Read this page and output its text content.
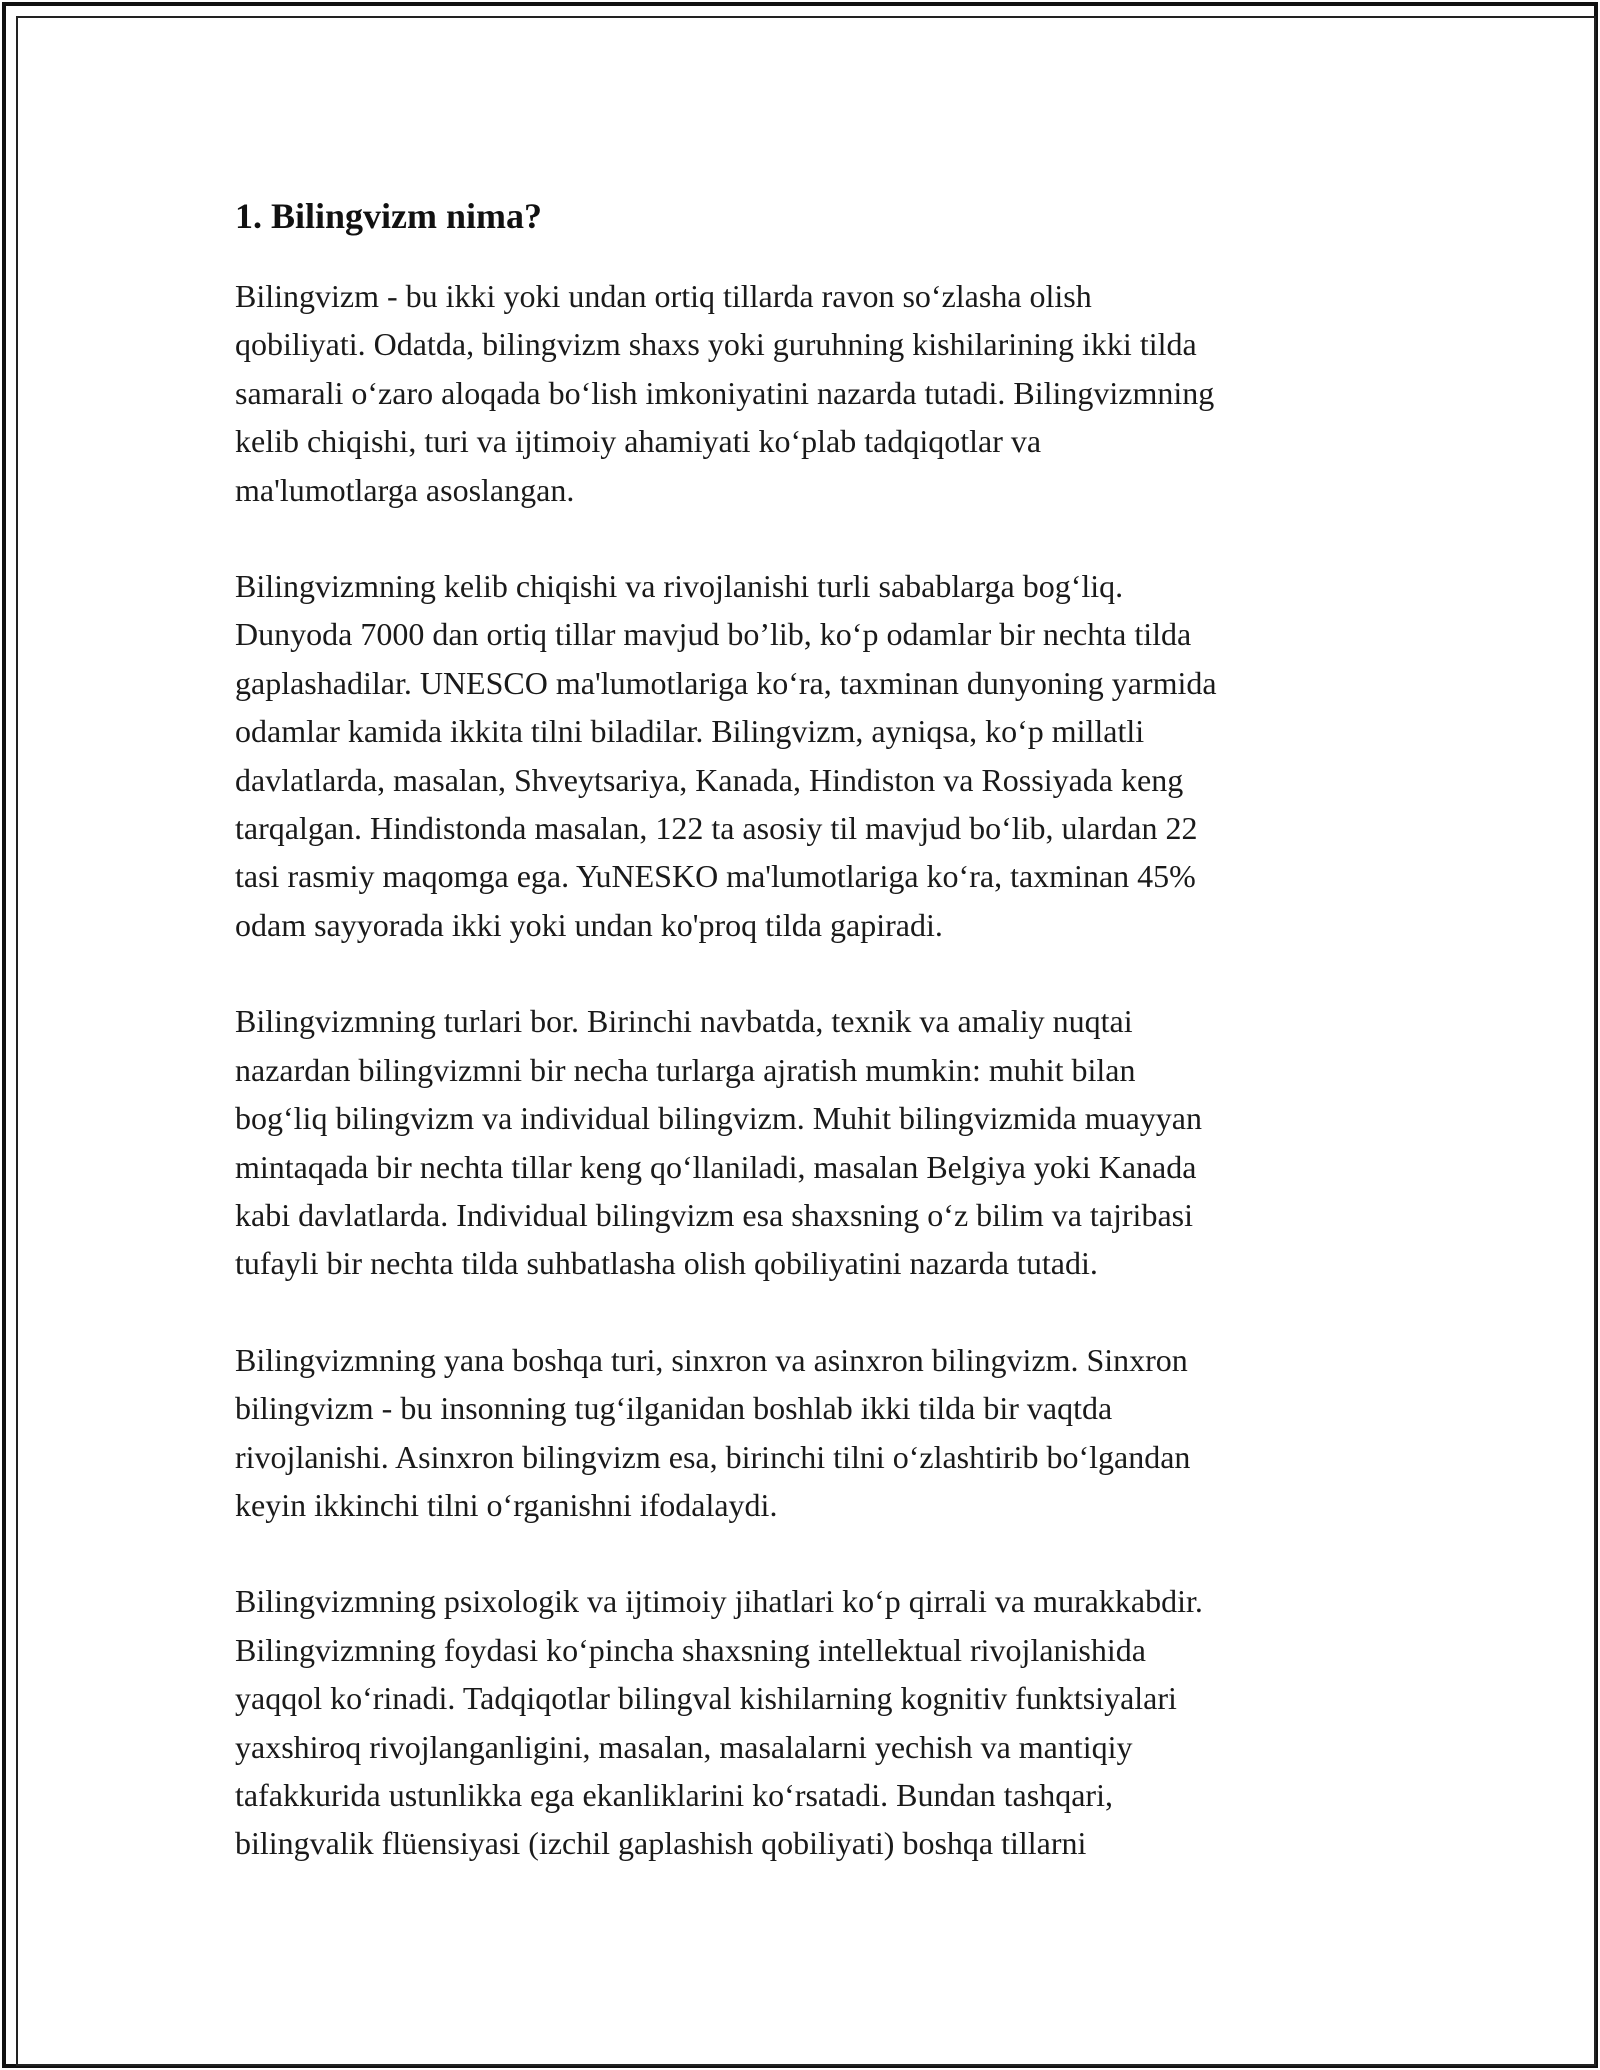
1. Bilingvizm nima?

Bilingvizm - bu ikki yoki undan ortiq tillarda ravon so‘zlasha olish
qobiliyati. Odatda, bilingvizm shaxs yoki guruhning kishilarining ikki tilda
samarali o‘zaro aloqada bo‘lish imkoniyatini nazarda tutadi. Bilingvizmning
kelib chiqishi, turi va ijtimoiy ahamiyati ko‘plab tadqiqotlar va
ma'lumotlarga asoslangan.

Bilingvizmning kelib chiqishi va rivojlanishi turli sabablarga bog‘liq.
Dunyoda 7000 dan ortiq tillar mavjud bo’lib, ko‘p odamlar bir nechta tilda
gaplashadilar. UNESCO ma'lumotlariga ko‘ra, taxminan dunyoning yarmida
odamlar kamida ikkita tilni biladilar. Bilingvizm, ayniqsa, ko‘p millatli
davlatlarda, masalan, Shveytsariya, Kanada, Hindiston va Rossiyada keng
tarqalgan. Hindistonda masalan, 122 ta asosiy til mavjud bo‘lib, ulardan 22
tasi rasmiy maqomga ega. YuNESKO ma'lumotlariga ko‘ra, taxminan 45%
odam sayyorada ikki yoki undan ko'proq tilda gapiradi.

Bilingvizmning turlari bor. Birinchi navbatda, texnik va amaliy nuqtai
nazardan bilingvizmni bir necha turlarga ajratish mumkin: muhit bilan
bog‘liq bilingvizm va individual bilingvizm. Muhit bilingvizmida muayyan
mintaqada bir nechta tillar keng qo‘llaniladi, masalan Belgiya yoki Kanada
kabi davlatlarda. Individual bilingvizm esa shaxsning o‘z bilim va tajribasi
tufayli bir nechta tilda suhbatlasha olish qobiliyatini nazarda tutadi.

Bilingvizmning yana boshqa turi, sinxron va asinxron bilingvizm. Sinxron
bilingvizm - bu insonning tug‘ilganidan boshlab ikki tilda bir vaqtda
rivojlanishi. Asinxron bilingvizm esa, birinchi tilni o‘zlashtirib bo‘lgandan
keyin ikkinchi tilni o‘rganishni ifodalaydi.

Bilingvizmning psixologik va ijtimoiy jihatlari ko‘p qirrali va murakkabdir.
Bilingvizmning foydasi ko‘pincha shaxsning intellektual rivojlanishida
yaqqol ko‘rinadi. Tadqiqotlar bilingval kishilarning kognitiv funktsiyalari
yaxshiroq rivojlanganligini, masalan, masalalarni yechish va mantiqiy
tafakkurida ustunlikka ega ekanliklarini ko‘rsatadi. Bundan tashqari,
bilingvalik flüensiyasi (izchil gaplashish qobiliyati) boshqa tillarni
